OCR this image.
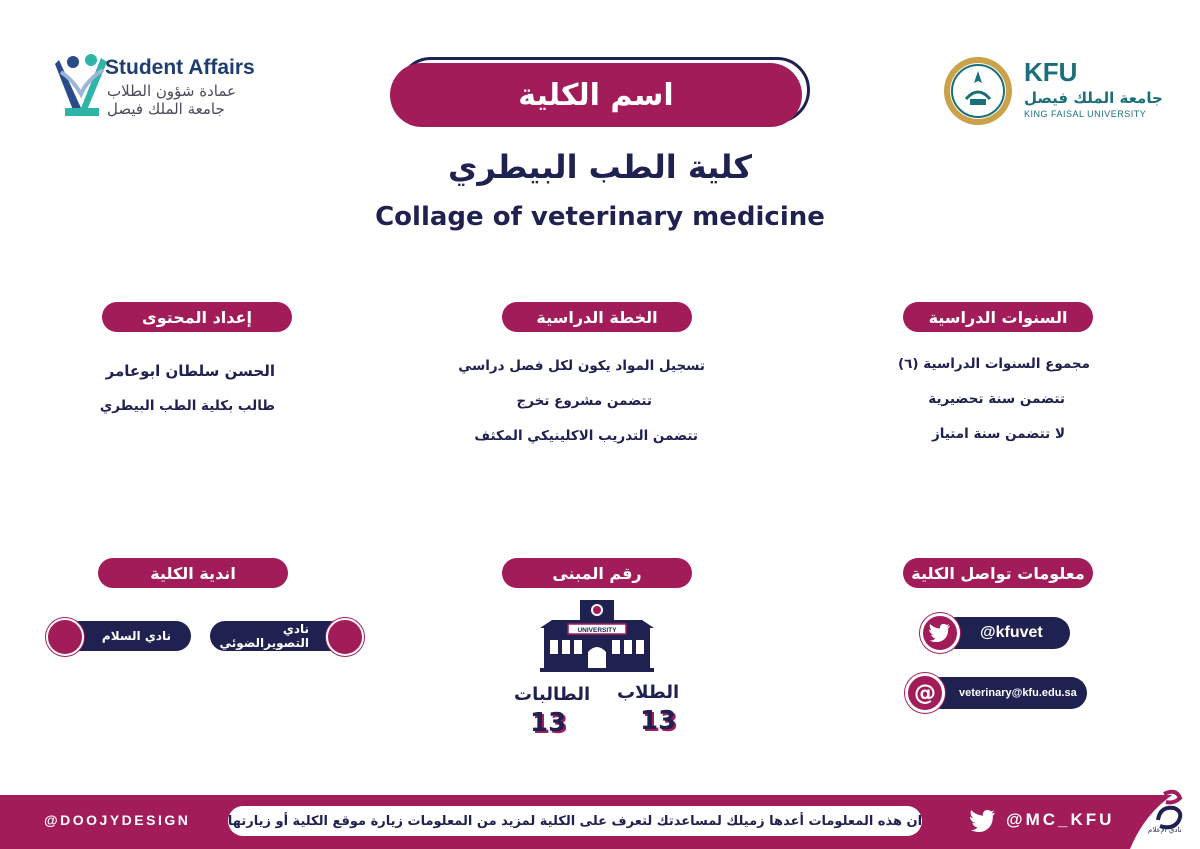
Student Affairs
عمادة شؤون الطلاب
جامعة الملك فيصل
KFU
جامعة الملك فيصل
KING FAISAL UNIVERSITY
اسم الكلية
كلية الطب البيطري
Collage of veterinary medicine
إعداد المحتوى
الحسن سلطان ابوعامر
طالب بكلية الطب البيطري
الخطة الدراسية
تسجيل المواد يكون لكل فصل دراسي
تتضمن مشروع تخرج
تتضمن التدريب الاكلينيكي المكثف
السنوات الدراسية
مجموع السنوات الدراسية (٦)
تتضمن سنة تحضيرية
لا تتضمن سنة امتياز
اندية الكلية
نادي التصويرالضوئي
نادي السلام
رقم المبنى
UNIVERSITY
الطلاب
13
الطالبات
13
معلومات تواصل الكلية
@kfuvet
veterinary@kfu.edu.sa
@
@DOOJYDESIGN	ان هذه المعلومات أعدها زميلك لمساعدتك لتعرف على الكلية لمزيد من المعلومات زيارة موقع الكلية أو زيارتها	@MC_KFU
نادي الإعلام
